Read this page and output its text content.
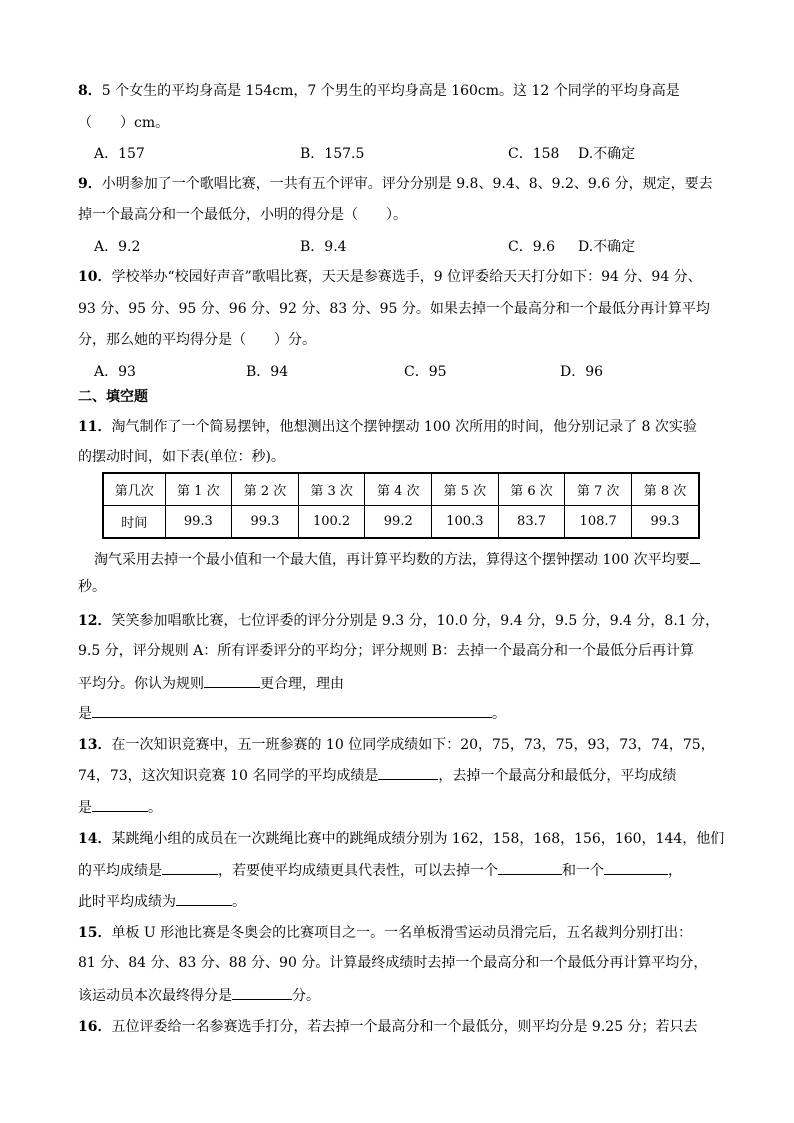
8．5 个女生的平均身高是 154cm，7 个男生的平均身高是 160cm。这 12 个同学的平均身高是
（　　）cm。
A．157	B．157.5	C．158 D.不确定
9．小明参加了一个歌唱比赛，一共有五个评审。评分分别是 9.8、9.4、8、9.2、9.6 分，规定，要去
掉一个最高分和一个最低分，小明的得分是（　　）。
A．9.2	B．9.4	C．9.6 D.不确定
10．学校举办“校园好声音”歌唱比赛，天天是参赛选手，9 位评委给天天打分如下：94 分、94 分、
93 分、95 分、95 分、96 分、92 分、83 分、95 分。如果去掉一个最高分和一个最低分再计算平均
分，那么她的平均得分是（　　）分。
A．93	B．94	C．95	D．96
二、填空题
11．淘气制作了一个简易摆钟，他想测出这个摆钟摆动 100 次所用的时间，他分别记录了 8 次实验
的摆动时间，如下表(单位：秒)。
第几次	第 1 次	第 2 次	第 3 次	第 4 次	第 5 次	第 6 次	第 7 次	第 8 次
时间	99.3	99.3	100.2	99.2	100.3	83.7	108.7	99.3
淘气采用去掉一个最小值和一个最大值，再计算平均数的方法，算得这个摆钟摆动 100 次平均要
秒。
12．笑笑参加唱歌比赛，七位评委的评分分别是 9.3 分，10.0 分，9.4 分，9.5 分，9.4 分，8.1 分，
9.5 分，评分规则 A：所有评委评分的平均分；评分规则 B：去掉一个最高分和一个最低分后再计算
平均分。你认为规则	更合理，理由
是	。
13．在一次知识竞赛中，五一班参赛的 10 位同学成绩如下：20，75，73，75，93，73，74，75，
74，73，这次知识竞赛 10 名同学的平均成绩是	，去掉一个最高分和最低分，平均成绩
是	。
14．某跳绳小组的成员在一次跳绳比赛中的跳绳成绩分别为 162，158，168，156，160，144，他们
的平均成绩是	，若要使平均成绩更具代表性，可以去掉一个	和一个	，
此时平均成绩为	。
15．单板 U 形池比赛是冬奥会的比赛项目之一。一名单板滑雪运动员滑完后，五名裁判分别打出：
81 分、84 分、83 分、88 分、90 分。计算最终成绩时去掉一个最高分和一个最低分再计算平均分，
该运动员本次最终得分是	分。
16．五位评委给一名参赛选手打分，若去掉一个最高分和一个最低分，则平均分是 9.25 分；若只去
